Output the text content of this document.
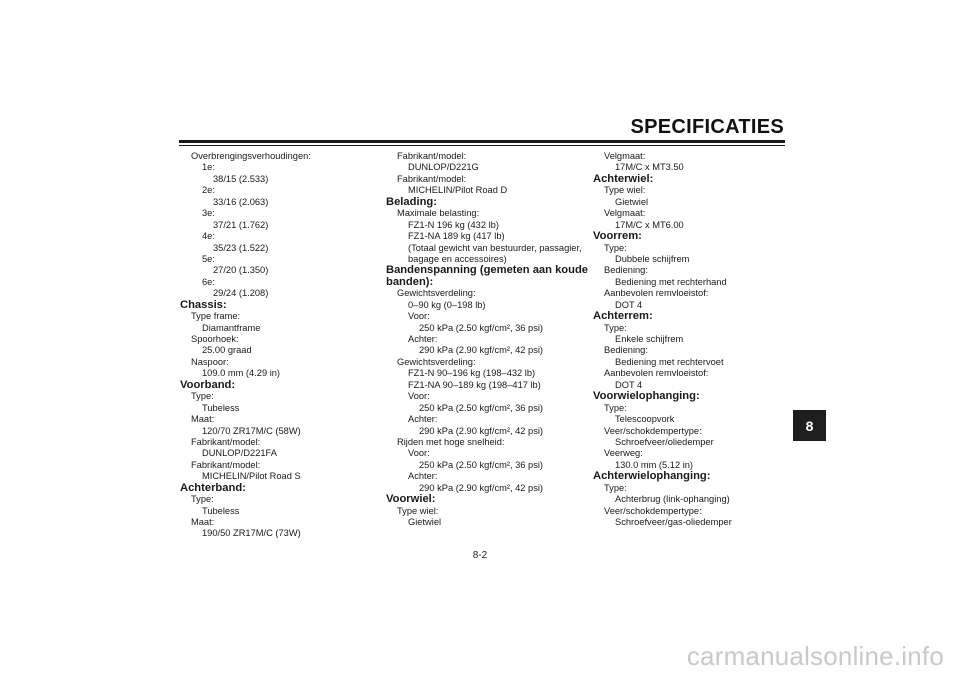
SPECIFICATIES
Overbrengingsverhoudingen:
1e:
38/15 (2.533)
2e:
33/16 (2.063)
3e:
37/21 (1.762)
4e:
35/23 (1.522)
5e:
27/20 (1.350)
6e:
29/24 (1.208)
Chassis:
Type frame:
Diamantframe
Spoorhoek:
25.00 graad
Naspoor:
109.0 mm (4.29 in)
Voorband:
Type:
Tubeless
Maat:
120/70 ZR17M/C (58W)
Fabrikant/model:
DUNLOP/D221FA
Fabrikant/model:
MICHELIN/Pilot Road S
Achterband:
Type:
Tubeless
Maat:
190/50 ZR17M/C (73W)
Fabrikant/model:
DUNLOP/D221G
Fabrikant/model:
MICHELIN/Pilot Road D
Belading:
Maximale belasting:
FZ1-N 196 kg (432 lb)
FZ1-NA 189 kg (417 lb)
(Totaal gewicht van bestuurder, passagier,
bagage en accessoires)
Bandenspanning (gemeten aan koude
banden):
Gewichtsverdeling:
0–90 kg (0–198 lb)
Voor:
250 kPa (2.50 kgf/cm², 36 psi)
Achter:
290 kPa (2.90 kgf/cm², 42 psi)
Gewichtsverdeling:
FZ1-N 90–196 kg (198–432 lb)
FZ1-NA 90–189 kg (198–417 lb)
Voor:
250 kPa (2.50 kgf/cm², 36 psi)
Achter:
290 kPa (2.90 kgf/cm², 42 psi)
Rijden met hoge snelheid:
Voor:
250 kPa (2.50 kgf/cm², 36 psi)
Achter:
290 kPa (2.90 kgf/cm², 42 psi)
Voorwiel:
Type wiel:
Gietwiel
Velgmaat:
17M/C x MT3.50
Achterwiel:
Type wiel:
Gietwiel
Velgmaat:
17M/C x MT6.00
Voorrem:
Type:
Dubbele schijfrem
Bediening:
Bediening met rechterhand
Aanbevolen remvloeistof:
DOT 4
Achterrem:
Type:
Enkele schijfrem
Bediening:
Bediening met rechtervoet
Aanbevolen remvloeistof:
DOT 4
Voorwielophanging:
Type:
Telescoopvork
Veer/schokdempertype:
Schroefveer/oliedemper
Veerweg:
130.0 mm (5.12 in)
Achterwielophanging:
Type:
Achterbrug (link-ophanging)
Veer/schokdempertype:
Schroefveer/gas-oliedemper
8
8-2
carmanualsonline.info
